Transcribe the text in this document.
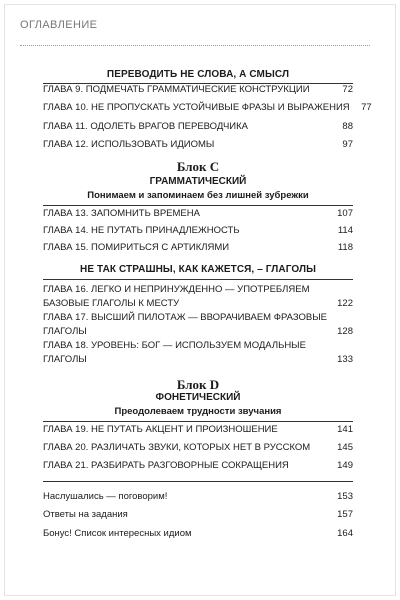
ОГЛАВЛЕНИЕ
ПЕРЕВОДИТЬ НЕ СЛОВА, А СМЫСЛ
ГЛАВА 9. ПОДМЕЧАТЬ ГРАММАТИЧЕСКИЕ КОНСТРУКЦИИ	72
ГЛАВА 10. НЕ ПРОПУСКАТЬ УСТОЙЧИВЫЕ ФРАЗЫ И ВЫРАЖЕНИЯ	77
ГЛАВА 11. ОДОЛЕТЬ ВРАГОВ ПЕРЕВОДЧИКА	88
ГЛАВА 12. ИСПОЛЬЗОВАТЬ ИДИОМЫ	97
Блок C
ГРАММАТИЧЕСКИЙ
Понимаем и запоминаем без лишней зубрежки
ГЛАВА 13. ЗАПОМНИТЬ ВРЕМЕНА	107
ГЛАВА 14. НЕ ПУТАТЬ ПРИНАДЛЕЖНОСТЬ	114
ГЛАВА 15. ПОМИРИТЬСЯ С АРТИКЛЯМИ	118
НЕ ТАК СТРАШНЫ, КАК КАЖЕТСЯ, – ГЛАГОЛЫ
ГЛАВА 16. ЛЕГКО И НЕПРИНУЖДЕННО — УПОТРЕБЛЯЕМ БАЗОВЫЕ ГЛАГОЛЫ К МЕСТУ	122
ГЛАВА 17. ВЫСШИЙ ПИЛОТАЖ — ВВОРАЧИВАЕМ ФРАЗОВЫЕ ГЛАГОЛЫ	128
ГЛАВА 18. УРОВЕНЬ: БОГ — ИСПОЛЬЗУЕМ МОДАЛЬНЫЕ ГЛАГОЛЫ	133
Блок D
ФОНЕТИЧЕСКИЙ
Преодолеваем трудности звучания
ГЛАВА 19. НЕ ПУТАТЬ АКЦЕНТ И ПРОИЗНОШЕНИЕ	141
ГЛАВА 20. РАЗЛИЧАТЬ ЗВУКИ, КОТОРЫХ НЕТ В РУССКОМ	145
ГЛАВА 21. РАЗБИРАТЬ РАЗГОВОРНЫЕ СОКРАЩЕНИЯ	149
Наслушались — поговорим!	153
Ответы на задания	157
Бонус! Список интересных идиом	164
